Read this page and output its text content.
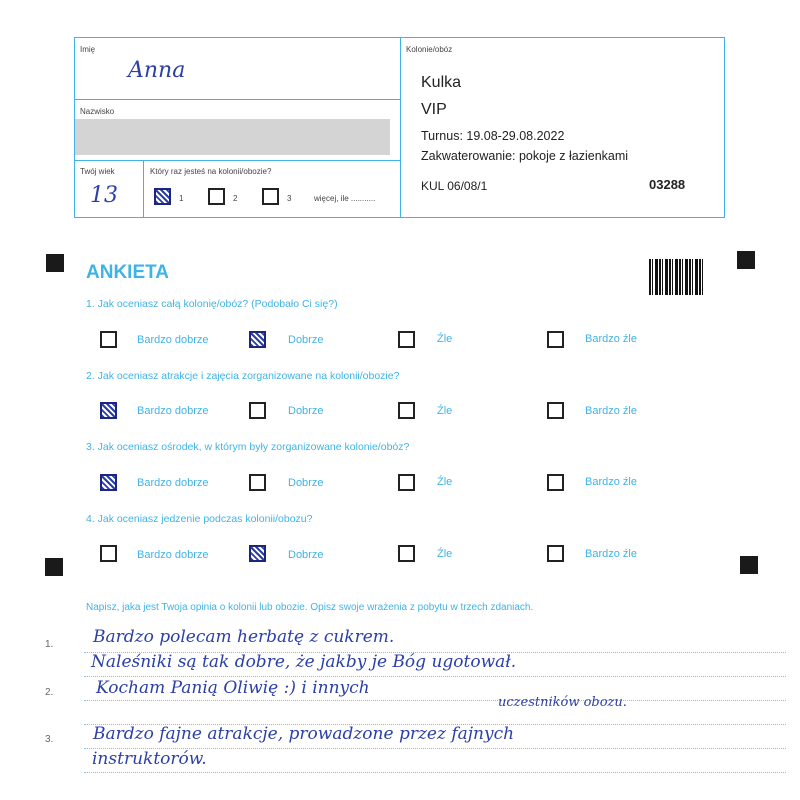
Imię
Anna
Nazwisko
Twój wiek
13
Który raz jesteś na kolonii/obozie?
1	2	3	więcej, ile ...........
Kolonie/obóz
Kulka
VIP
Turnus: 19.08-29.08.2022
Zakwaterowanie: pokoje z łazienkami
KUL 06/08/1	03288
ANKIETA
1. Jak oceniasz całą kolonię/obóz? (Podobało Ci się?)
Bardzo dobrze	Dobrze	Źle	Bardzo źle
2. Jak oceniasz atrakcje i zajęcia zorganizowane na kolonii/obozie?
Bardzo dobrze	Dobrze	Źle	Bardzo źle
3. Jak oceniasz ośrodek, w którym były zorganizowane kolonie/obóz?
Bardzo dobrze	Dobrze	Źle	Bardzo źle
4. Jak oceniasz jedzenie podczas kolonii/obozu?
Bardzo dobrze	Dobrze	Źle	Bardzo źle
Napisz, jaka jest Twoja opinia o kolonii lub obozie. Opisz swoje wrażenia z pobytu w trzech zdaniach.
1.
2.
3.
Bardzo polecam herbatę z cukrem.
Naleśniki są tak dobre, że jakby je Bóg ugotował.
Kocham Panią Oliwię :) i innych
uczestników obozu.
Bardzo fajne atrakcje, prowadzone przez fajnych
instruktorów.
